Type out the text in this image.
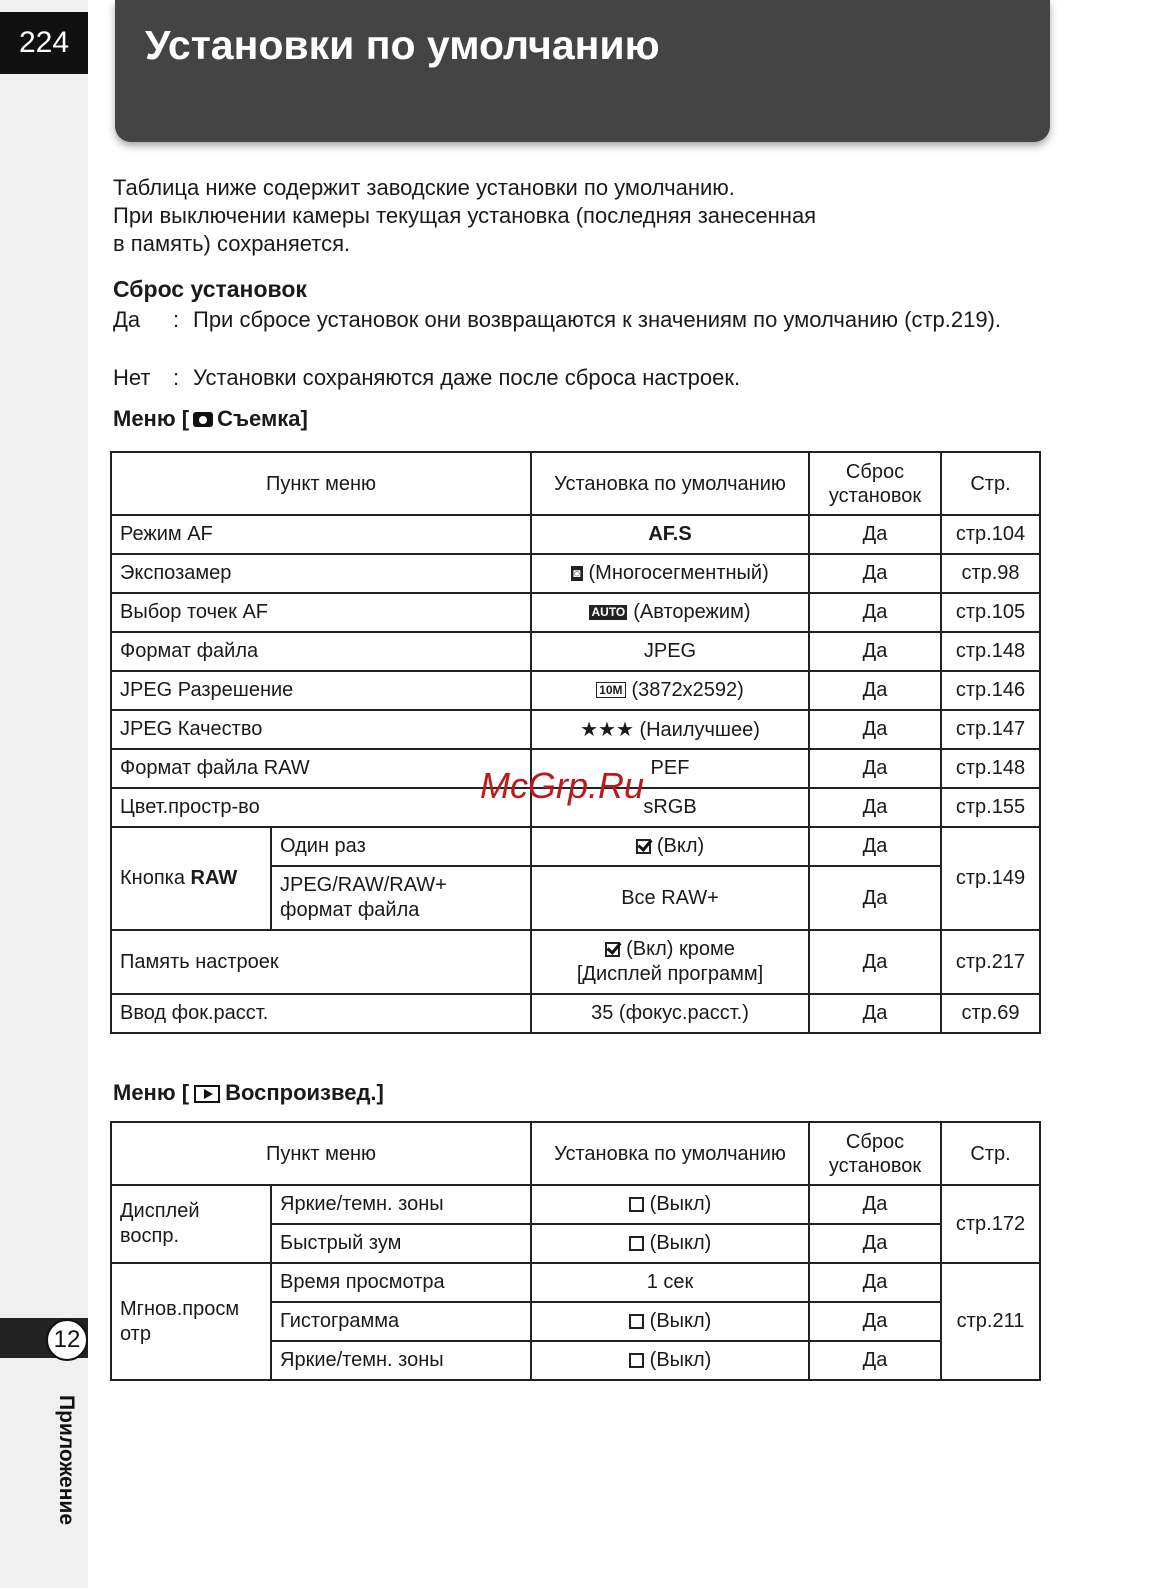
224
12
Приложение
Установки по умолчанию

Таблица ниже содержит заводские установки по умолчанию.

При выключении камеры текущая установка (последняя занесенная

в память) сохраняется.

Сброс установок
Да	: При сбросе установок они возвращаются к значениям по умолчанию (стр.219).
Нет	: Установки сохраняются даже после сброса настроек.
Меню [ Съемка]
Пункт меню		Установка по умолчанию	Сброс установок	Стр.
Режим AF		AF.S	Да	стр.104
Экспозамер		◙ (Многосегментный)	Да	стр.98
Выбор точек AF		AUTO (Авторежим)	Да	стр.105
Формат файла		JPEG	Да	стр.148
JPEG Разрешение		10M (3872x2592)	Да	стр.146
JPEG Качество		★★★ (Наилучшее)	Да	стр.147
Формат файла RAW		PEF	Да	стр.148
Цвет.простр-во		sRGB	Да	стр.155
Кнопка RAW	Один раз	(Вкл)	Да	стр.149
	JPEG/RAW/RAW+ формат файла	Все RAW+	Да	
Память настроек		(Вкл) кроме
[Дисплей программ]	Да	стр.217
Ввод фок.расст.		35 (фокус.расст.)	Да	стр.69
Меню [ Воспроизвед.]
Пункт меню		Установка по умолчанию	Сброс установок	Стр.
Дисплей воспр.	Яркие/темн. зоны	(Выкл)	Да	стр.172
	Быстрый зум	(Выкл)	Да	
Мгнов.просм отр	Время просмотра	1 сек	Да	стр.211
	Гистограмма	(Выкл)	Да	
	Яркие/темн. зоны	(Выкл)	Да	
McGrp.Ru
